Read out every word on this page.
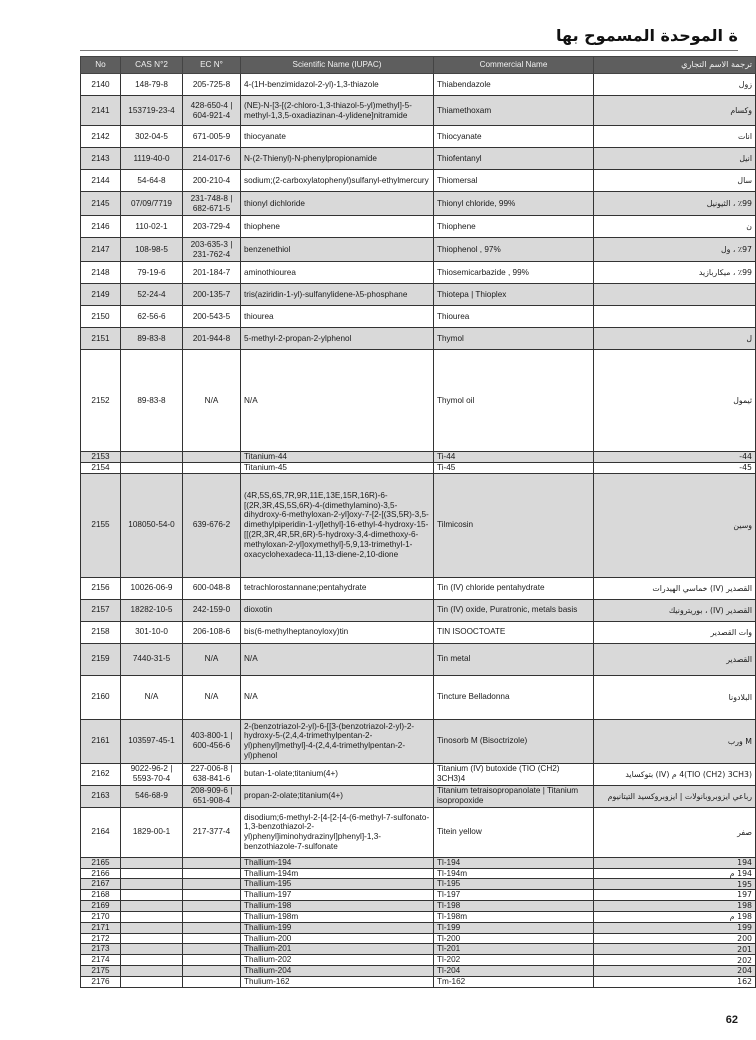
ة الموحدة المسموح بها
No	CAS N°2	EC N°	Scientific Name (IUPAC)	Commercial Name	ترجمة الاسم التجاري
2140	148-79-8	205-725-8	4-(1H-benzimidazol-2-yl)-1,3-thiazole	Thiabendazole	زول
2141	153719-23-4	428-650-4 | 604-921-4	(NE)-N-[3-[(2-chloro-1,3-thiazol-5-yl)methyl]-5-methyl-1,3,5-oxadiazinan-4-ylidene]nitramide	Thiamethoxam	وكسام
2142	302-04-5	671-005-9	thiocyanate	Thiocyanate	انات
2143	1119-40-0	214-017-6	N-(2-Thienyl)-N-phenylpropionamide	Thiofentanyl	انيل
2144	54-64-8	200-210-4	sodium;(2-carboxylatophenyl)sulfanyl-ethylmercury	Thiomersal	سال
2145	07/09/7719	231-748-8 | 682-671-5	thionyl dichloride	Thionyl chloride, 99%	٪99 ، الثيونيل
2146	110-02-1	203-729-4	thiophene	Thiophene	ن
2147	108-98-5	203-635-3 | 231-762-4	benzenethiol	Thiophenol , 97%	٪97 ، ول
2148	79-19-6	201-184-7	aminothiourea	Thiosemicarbazide , 99%	٪99 ، ميكاربازيد
2149	52-24-4	200-135-7	tris(aziridin-1-yl)-sulfanylidene-λ5-phosphane	Thiotepa | Thioplex	
2150	62-56-6	200-543-5	thiourea	Thiourea	
2151	89-83-8	201-944-8	5-methyl-2-propan-2-ylphenol	Thymol	ل
2152	89-83-8	N/A	N/A	Thymol oil	ثيمول
2153			Titanium-44	Ti-44	44-
2154			Titanium-45	Ti-45	45-
2155	108050-54-0	639-676-2	(4R,5S,6S,7R,9R,11E,13E,15R,16R)-6-[(2R,3R,4S,5S,6R)-4-(dimethylamino)-3,5-dihydroxy-6-methyloxan-2-yl]oxy-7-[2-[(3S,5R)-3,5-dimethylpiperidin-1-yl]ethyl]-16-ethyl-4-hydroxy-15-[[(2R,3R,4R,5R,6R)-5-hydroxy-3,4-dimethoxy-6-methyloxan-2-yl]oxymethyl]-5,9,13-trimethyl-1-oxacyclohexadeca-11,13-diene-2,10-dione	Tilmicosin	وسين
2156	10026-06-9	600-048-8	tetrachlorostannane;pentahydrate	Tin (IV) chloride pentahydrate	القصدير (IV) خماسي الهيدرات
2157	18282-10-5	242-159-0	dioxotin	Tin (IV) oxide, Puratronic, metals basis	القصدير (IV) ، بوريترونيك
2158	301-10-0	206-108-6	bis(6-methylheptanoyloxy)tin	TIN ISOOCTOATE	وات القصدير
2159	7440-31-5	N/A	N/A	Tin metal	القصدير
2160	N/A	N/A	N/A	Tincture Belladonna	البلادونا
2161	103597-45-1	403-800-1 | 600-456-6	2-(benzotriazol-2-yl)-6-[[3-(benzotriazol-2-yl)-2-hydroxy-5-(2,4,4-trimethylpentan-2-yl)phenyl]methyl]-4-(2,4,4-trimethylpentan-2-yl)phenol	Tinosorb M (Bisoctrizole)	M ورب
2162	9022-96-2 | 5593-70-4	227-006-8 | 638-841-6	butan-1-olate;titanium(4+)	Titanium (IV) butoxide (TIO (CH2) 3CH3)4	(TIO (CH2) 3CH3)4 م (IV) بتوكسايد
2163	546-68-9	208-909-6 | 651-908-4	propan-2-olate;titanium(4+)	Titanium tetraisopropanolate | Titanium isopropoxide	رباعي ايزوبروبانولات | ايزوبروكسيد التيتانيوم
2164	1829-00-1	217-377-4	disodium;6-methyl-2-[4-[2-[4-(6-methyl-7-sulfonato-1,3-benzothiazol-2-yl)phenyl]iminohydrazinyl]phenyl]-1,3-benzothiazole-7-sulfonate	Titein yellow	صفر
2165			Thallium-194	Tl-194	194
2166			Thallium-194m	Tl-194m	194 م
2167			Thallium-195	Tl-195	195
2168			Thallium-197	Tl-197	197
2169			Thallium-198	Tl-198	198
2170			Thallium-198m	Tl-198m	198 م
2171			Thallium-199	Tl-199	199
2172			Thallium-200	Tl-200	200
2173			Thallium-201	Tl-201	201
2174			Thallium-202	Tl-202	202
2175			Thallium-204	Tl-204	204
2176			Thulium-162	Tm-162	162
62
